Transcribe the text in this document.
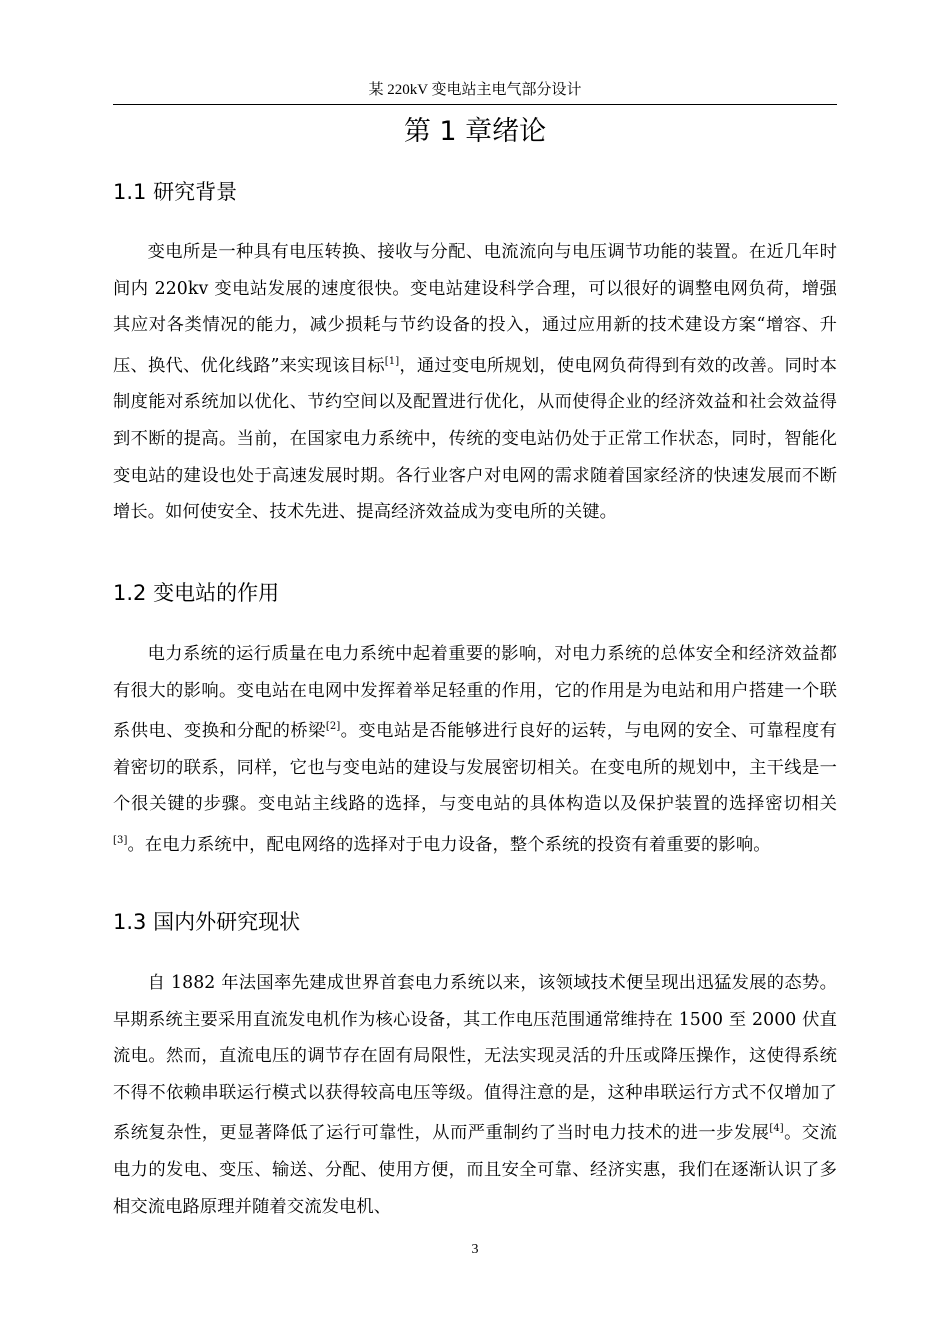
某 220kV 变电站主电气部分设计
第 1 章绪论
1.1 研究背景

变电所是一种具有电压转换、接收与分配、电流流向与电压调节功能的装置。在近几年时间内 220kv 变电站发展的速度很快。变电站建设科学合理，可以很好的调整电网负荷，增强其应对各类情况的能力，减少损耗与节约设备的投入，通过应用新的技术建设方案“增容、升压、换代、优化线路”来实现该目标[1]，通过变电所规划，使电网负荷得到有效的改善。同时本制度能对系统加以优化、节约空间以及配置进行优化，从而使得企业的经济效益和社会效益得到不断的提高。当前，在国家电力系统中，传统的变电站仍处于正常工作状态，同时，智能化变电站的建设也处于高速发展时期。各行业客户对电网的需求随着国家经济的快速发展而不断增长。如何使安全、技术先进、提高经济效益成为变电所的关键。

1.2 变电站的作用

电力系统的运行质量在电力系统中起着重要的影响，对电力系统的总体安全和经济效益都有很大的影响。变电站在电网中发挥着举足轻重的作用，它的作用是为电站和用户搭建一个联系供电、变换和分配的桥梁[2]。变电站是否能够进行良好的运转，与电网的安全、可靠程度有着密切的联系，同样，它也与变电站的建设与发展密切相关。在变电所的规划中，主干线是一个很关键的步骤。变电站主线路的选择，与变电站的具体构造以及保护装置的选择密切相关[3]。在电力系统中，配电网络的选择对于电力设备，整个系统的投资有着重要的影响。

1.3 国内外研究现状

自 1882 年法国率先建成世界首套电力系统以来，该领域技术便呈现出迅猛发展的态势。早期系统主要采用直流发电机作为核心设备，其工作电压范围通常维持在 1500 至 2000 伏直流电。然而，直流电压的调节存在固有局限性，无法实现灵活的升压或降压操作，这使得系统不得不依赖串联运行模式以获得较高电压等级。值得注意的是，这种串联运行方式不仅增加了系统复杂性，更显著降低了运行可靠性，从而严重制约了当时电力技术的进一步发展[4]。交流电力的发电、变压、输送、分配、使用方便，而且安全可靠、经济实惠，我们在逐渐认识了多相交流电路原理并随着交流发电机、

3
